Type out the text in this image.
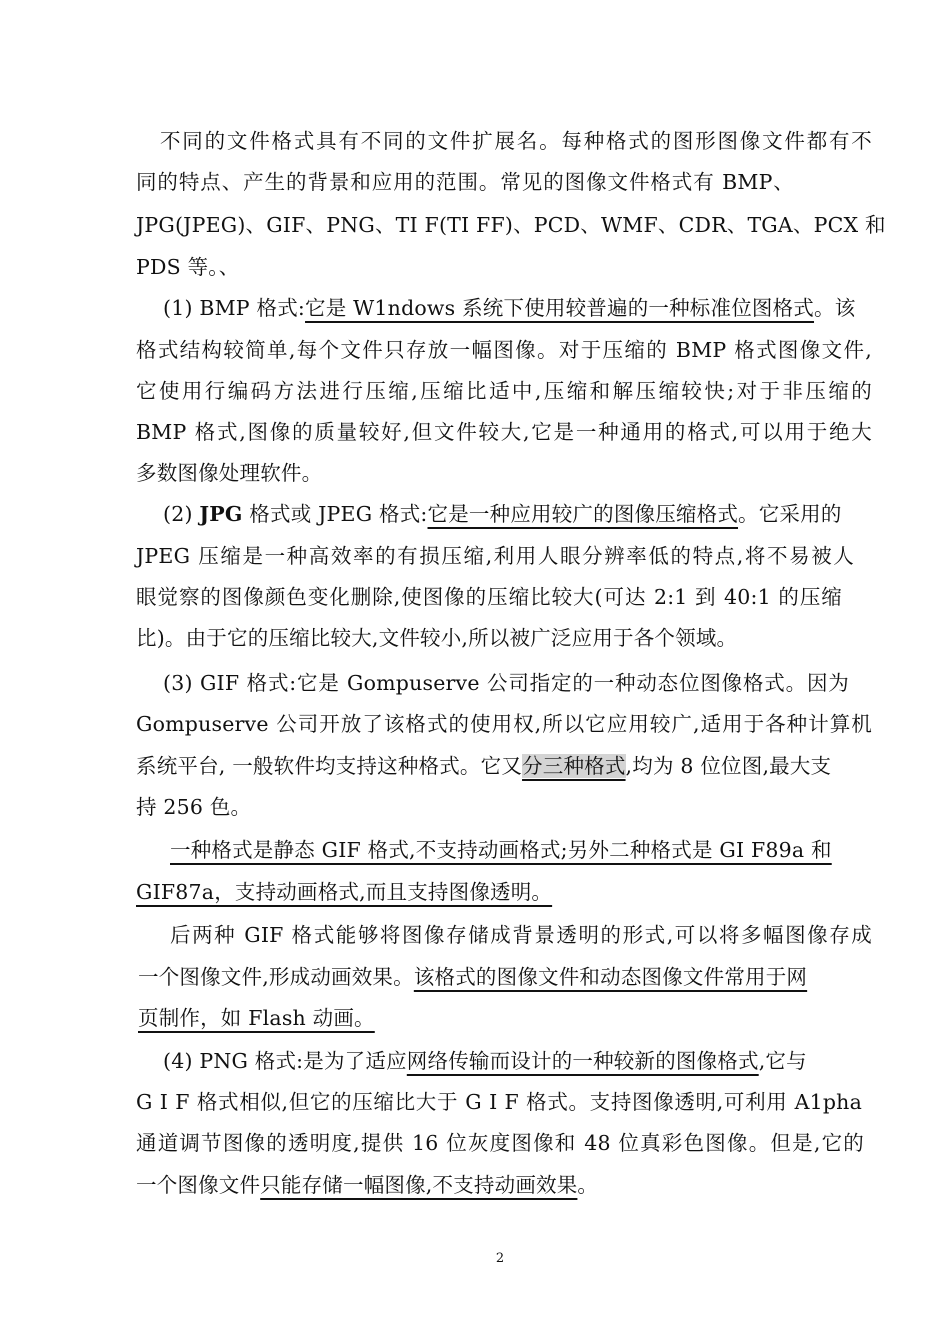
不同的文件格式具有不同的文件扩展名。每种格式的图形图像文件都有不
同的特点、产生的背景和应用的范围。常见的图像文件格式有 BMP、
JPG(JPEG)、GIF、PNG、TI F(TI FF)、PCD、WMF、CDR、TGA、PCX 和
PDS 等。、
(1) BMP 格式:它是 W1ndows 系统下使用较普遍的一种标准位图格式。该
格式结构较简单,每个文件只存放一幅图像。对于压缩的 BMP 格式图像文件,
它使用行编码方法进行压缩,压缩比适中,压缩和解压缩较快;对于非压缩的
BMP 格式,图像的质量较好,但文件较大,它是一种通用的格式,可以用于绝大
多数图像处理软件。
(2) JPG 格式或 JPEG 格式:它是一种应用较广的图像压缩格式。它采用的
JPEG 压缩是一种高效率的有损压缩,利用人眼分辨率低的特点,将不易被人
眼觉察的图像颜色变化删除,使图像的压缩比较大(可达 2:1 到 40:1 的压缩
比)。由于它的压缩比较大,文件较小,所以被广泛应用于各个领域。
(3) GIF 格式:它是 Gompuserve 公司指定的一种动态位图像格式。因为
Gompuserve 公司开放了该格式的使用权,所以它应用较广,适用于各种计算机
系统平台, 一般软件均支持这种格式。它又分三种格式,均为 8 位位图,最大支
持 256 色。
一种格式是静态 GIF 格式,不支持动画格式;另外二种格式是 GI F89a 和
GIF87a，支持动画格式,而且支持图像透明。
后两种 GIF 格式能够将图像存储成背景透明的形式,可以将多幅图像存成
一个图像文件,形成动画效果。该格式的图像文件和动态图像文件常用于网
页制作，如 Flash 动画。
(4) PNG 格式:是为了适应网络传输而设计的一种较新的图像格式,它与
G I F 格式相似,但它的压缩比大于 G I F 格式。支持图像透明,可利用 A1pha
通道调节图像的透明度,提供 16 位灰度图像和 48 位真彩色图像。但是,它的
一个图像文件只能存储一幅图像,不支持动画效果。
2
